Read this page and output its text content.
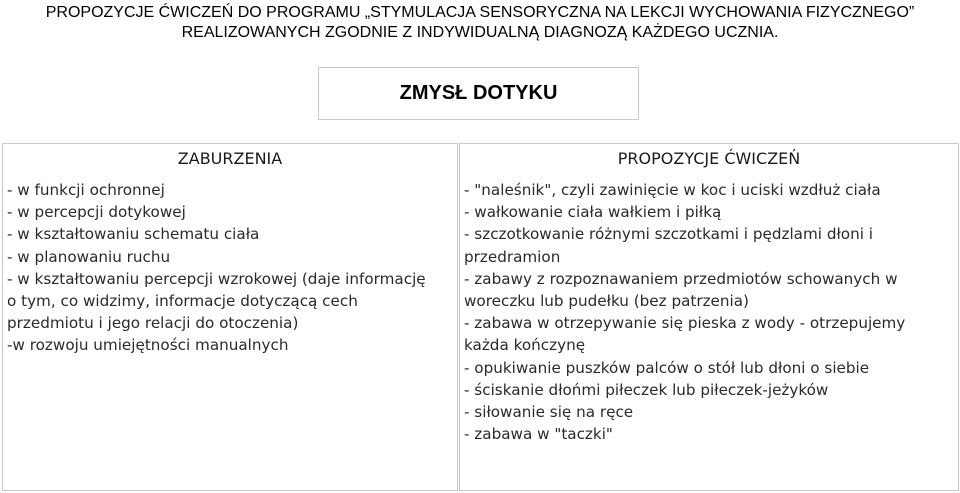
PROPOZYCJE ĆWICZEŃ DO PROGRAMU „STYMULACJA SENSORYCZNA NA LEKCJI WYCHOWANIA FIZYCZNEGO”
REALIZOWANYCH ZGODNIE Z INDYWIDUALNĄ DIAGNOZĄ KAŻDEGO UCZNIA.
ZMYSŁ DOTYKU
ZABURZENIA
- w funkcji ochronnej
- w percepcji dotykowej
- w kształtowaniu schematu ciała
- w planowaniu ruchu
- w kształtowaniu percepcji wzrokowej (daje informację
o tym, co widzimy, informacje dotyczącą cech
przedmiotu i jego relacji do otoczenia)
-w rozwoju umiejętności manualnych
PROPOZYCJE ĆWICZEŃ
- "naleśnik", czyli zawinięcie w koc i uciski wzdłuż ciała
- wałkowanie ciała wałkiem i piłką
- szczotkowanie różnymi szczotkami i pędzlami dłoni i
przedramion
- zabawy z rozpoznawaniem przedmiotów schowanych w
woreczku lub pudełku (bez patrzenia)
- zabawa w otrzepywanie się pieska z wody - otrzepujemy
każda kończynę
- opukiwanie puszków palców o stół lub dłoni o siebie
- ściskanie dłońmi piłeczek lub piłeczek-jeżyków
- siłowanie się na ręce
- zabawa w "taczki"
